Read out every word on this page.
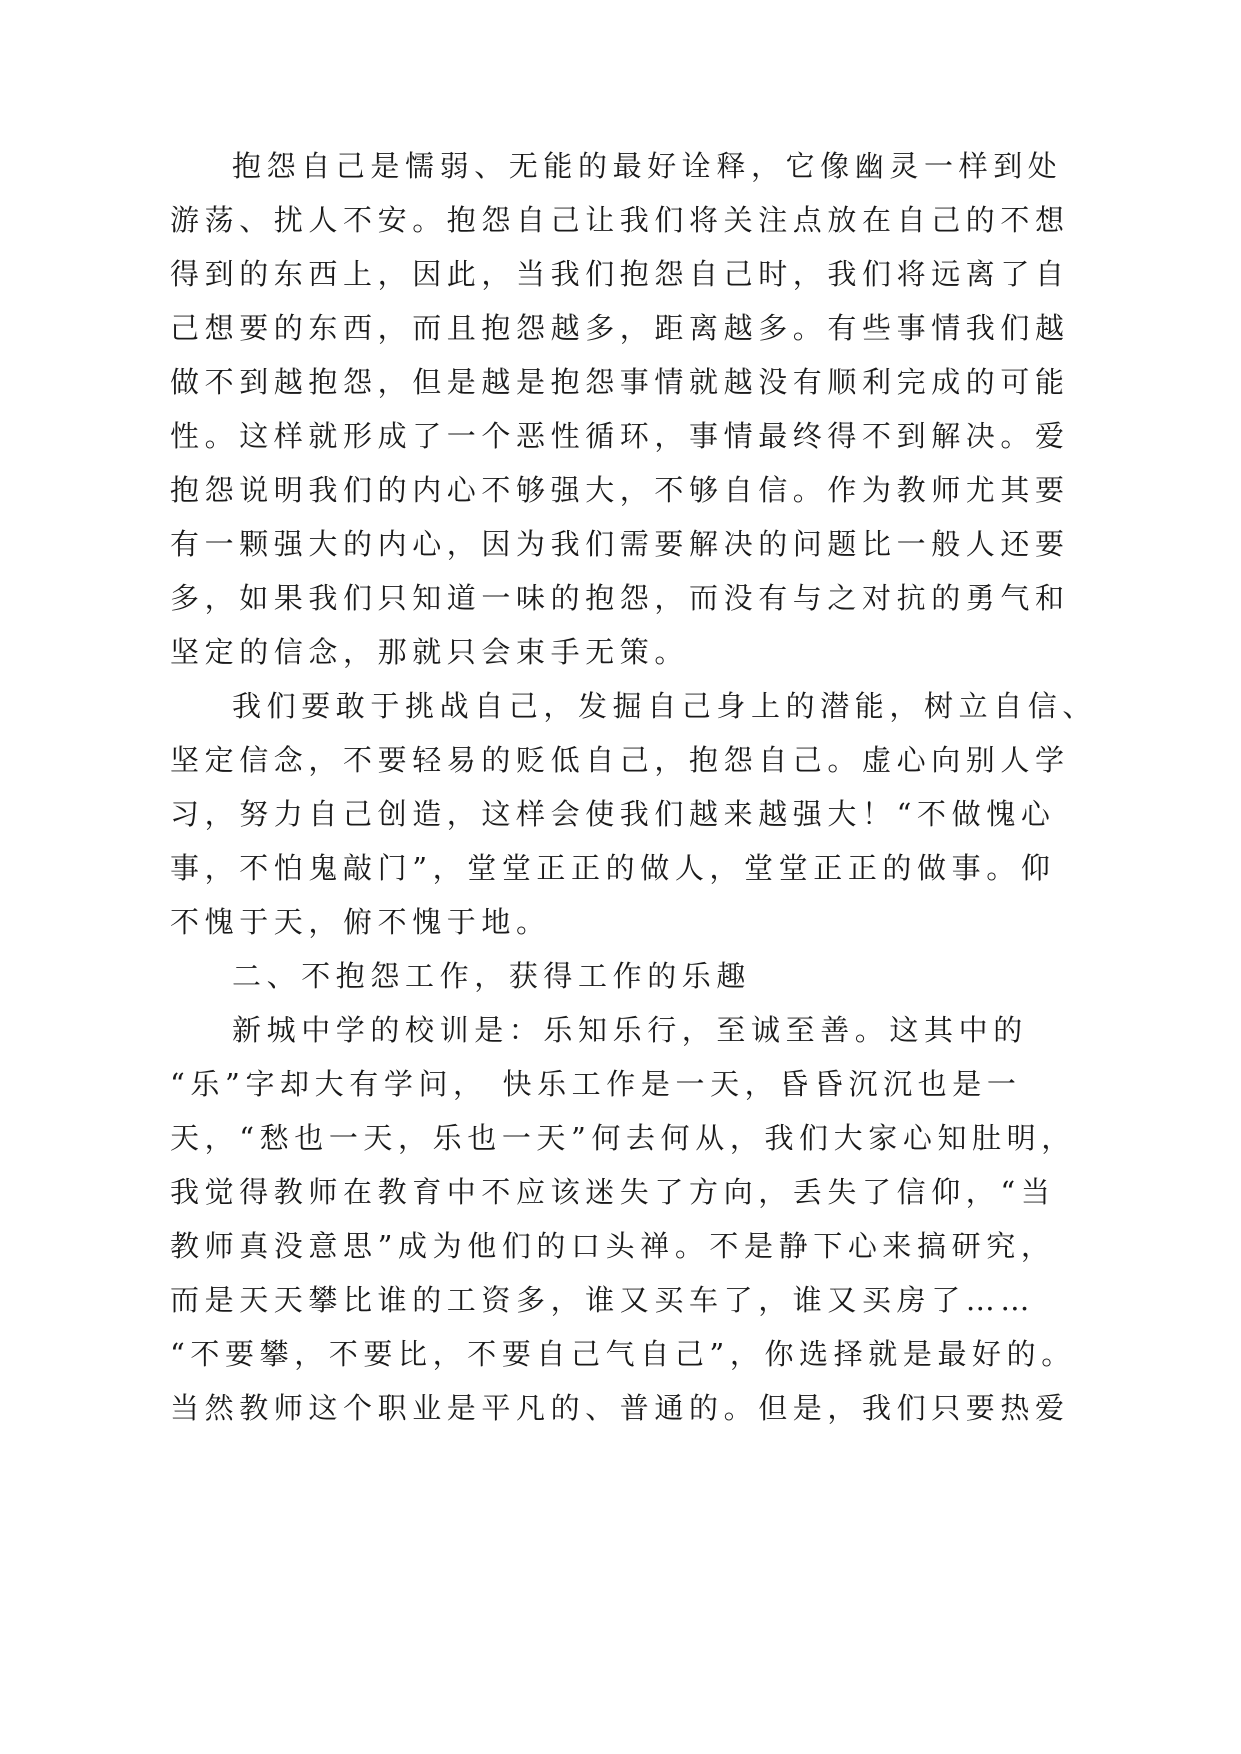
抱怨自己是懦弱、无能的最好诠释，它像幽灵一样到处
游荡、扰人不安。抱怨自己让我们将关注点放在自己的不想
得到的东西上，因此，当我们抱怨自己时，我们将远离了自
己想要的东西，而且抱怨越多，距离越多。有些事情我们越
做不到越抱怨，但是越是抱怨事情就越没有顺利完成的可能
性。这样就形成了一个恶性循环，事情最终得不到解决。爱
抱怨说明我们的内心不够强大，不够自信。作为教师尤其要
有一颗强大的内心，因为我们需要解决的问题比一般人还要
多，如果我们只知道一味的抱怨，而没有与之对抗的勇气和
坚定的信念，那就只会束手无策。
我们要敢于挑战自己，发掘自己身上的潜能，树立自信、
坚定信念，不要轻易的贬低自己，抱怨自己。虚心向别人学
习，努力自己创造，这样会使我们越来越强大！“不做愧心
事，不怕鬼敲门”，堂堂正正的做人，堂堂正正的做事。仰
不愧于天，俯不愧于地。
二、不抱怨工作，获得工作的乐趣
新城中学的校训是：乐知乐行，至诚至善。这其中的
“乐”字却大有学问， 快乐工作是一天，昏昏沉沉也是一
天，“愁也一天，乐也一天”何去何从，我们大家心知肚明，
我觉得教师在教育中不应该迷失了方向，丢失了信仰，“当
教师真没意思”成为他们的口头禅。不是静下心来搞研究，
而是天天攀比谁的工资多，谁又买车了，谁又买房了……
“不要攀，不要比，不要自己气自己”，你选择就是最好的。
当然教师这个职业是平凡的、普通的。但是，我们只要热爱
